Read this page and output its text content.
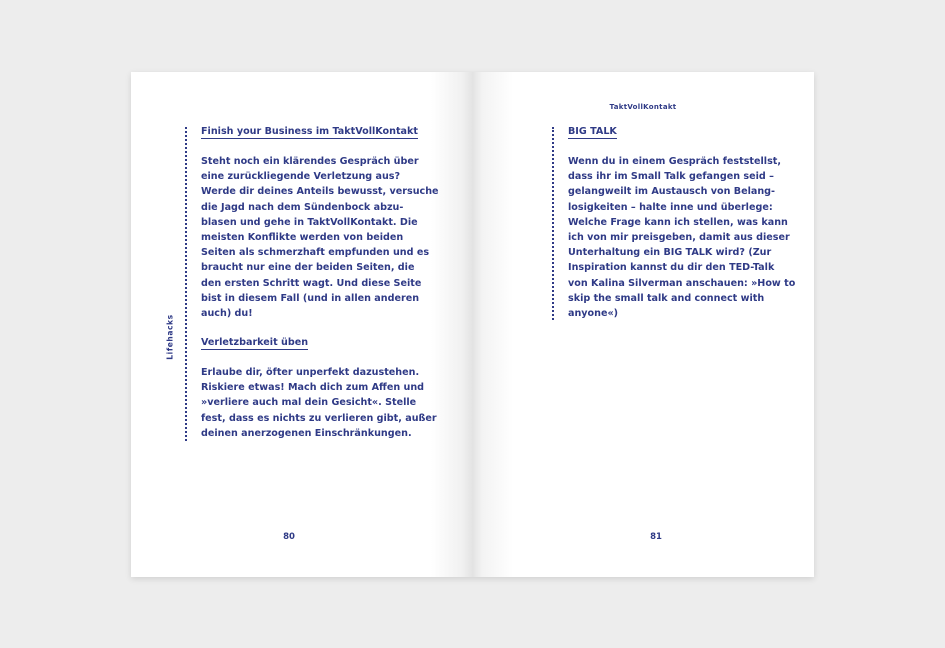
Lifehacks
Finish your Business im TaktVollKontakt
Steht noch ein klärendes Gespräch über
eine zurückliegende Verletzung aus?
Werde dir deines Anteils bewusst, versuche
die Jagd nach dem Sündenbock abzu-
blasen und gehe in TaktVollKontakt. Die
meisten Konflikte werden von beiden
Seiten als schmerzhaft empfunden und es
braucht nur eine der beiden Seiten, die
den ersten Schritt wagt. Und diese Seite
bist in diesem Fall (und in allen anderen
auch) du!
Verletzbarkeit üben
Erlaube dir, öfter unperfekt dazustehen.
Riskiere etwas! Mach dich zum Affen und
»verliere auch mal dein Gesicht«. Stelle
fest, dass es nichts zu verlieren gibt, außer
deinen anerzogenen Einschränkungen.
80
TaktVollKontakt
BIG TALK
Wenn du in einem Gespräch feststellst,
dass ihr im Small Talk gefangen seid –
gelangweilt im Austausch von Belang-
losigkeiten – halte inne und überlege:
Welche Frage kann ich stellen, was kann
ich von mir preisgeben, damit aus dieser
Unterhaltung ein BIG TALK wird? (Zur
Inspiration kannst du dir den TED-Talk
von Kalina Silverman anschauen: »How to
skip the small talk and connect with
anyone«)
81
